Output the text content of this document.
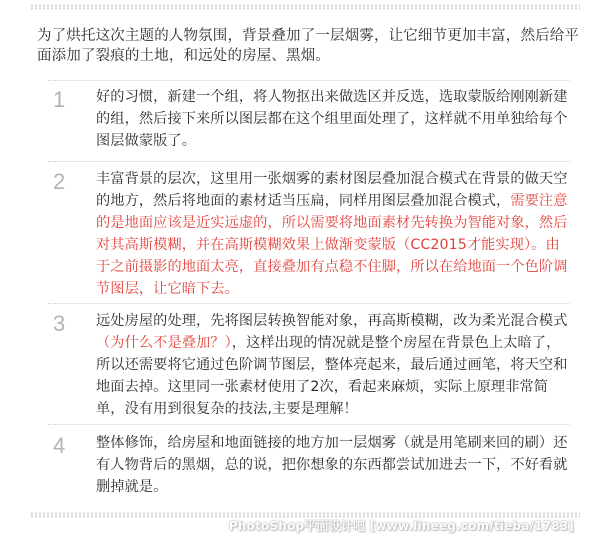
为了烘托这次主题的人物氛围，背景叠加了一层烟雾，让它细节更加丰富，然后给平面添加了裂痕的土地，和远处的房屋、黑烟。

1 好的习惯，新建一个组，将人物抠出来做选区并反选，选取蒙版给刚刚新建的组，然后接下来所以图层都在这个组里面处理了，这样就不用单独给每个图层做蒙版了。
2 丰富背景的层次，这里用一张烟雾的素材图层叠加混合模式在背景的做天空的地方，然后将地面的素材适当压扁，同样用图层叠加混合模式，需要注意的是地面应该是近实远虚的，所以需要将地面素材先转换为智能对象，然后对其高斯模糊，并在高斯模糊效果上做渐变蒙版（CC2015才能实现）。由于之前摄影的地面太亮，直接叠加有点稳不住脚，所以在给地面一个色阶调节图层，让它暗下去。
3 远处房屋的处理，先将图层转换智能对象，再高斯模糊，改为柔光混合模式（为什么不是叠加？），这样出现的情况就是整个房屋在背景色上太暗了，所以还需要将它通过色阶调节图层，整体亮起来，最后通过画笔，将天空和地面去掉。这里同一张素材使用了2次，看起来麻烦，实际上原理非常简单，没有用到很复杂的技法,主要是理解！
4 整体修饰，给房屋和地面链接的地方加一层烟雾（就是用笔刷来回的刷）还有人物背后的黑烟，总的说，把你想象的东西都尝试加进去一下，不好看就删掉就是。
PhotoShop平面设计吧 [www.lineeg.com/tieba/1783]
